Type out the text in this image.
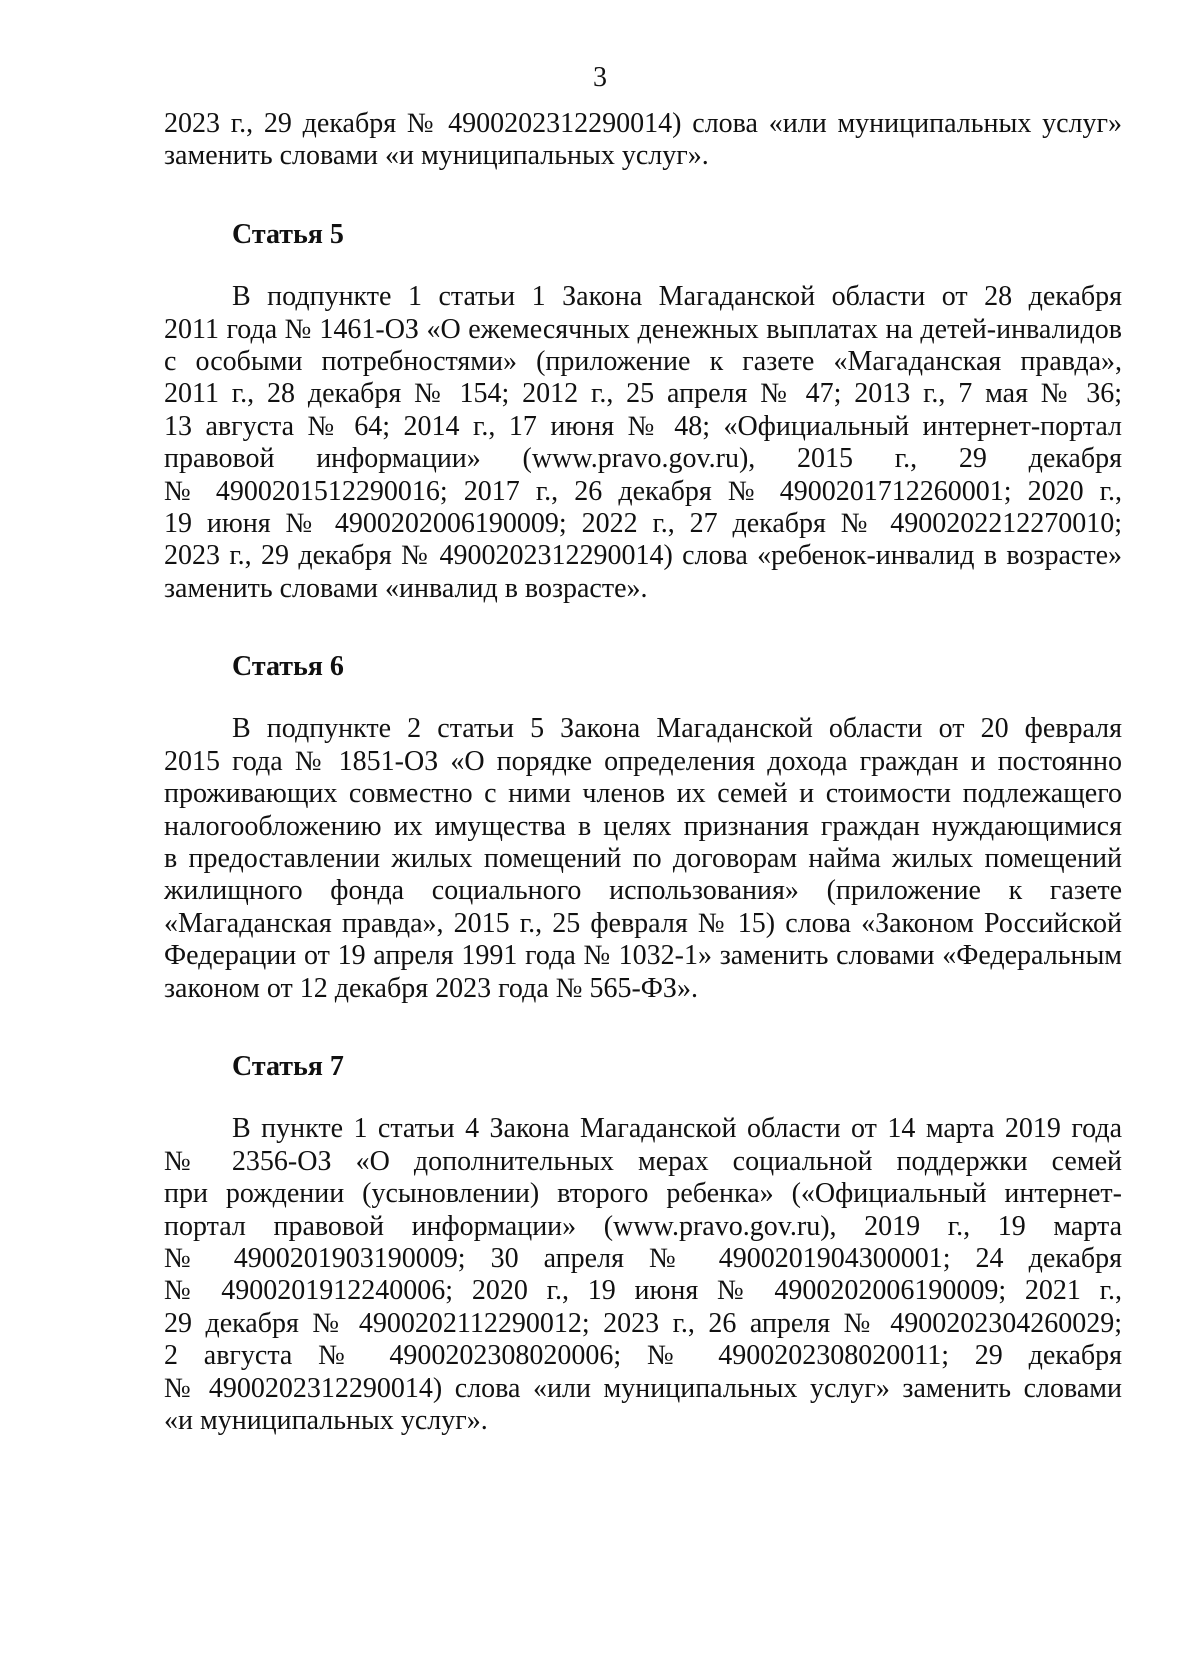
3
2023 г., 29 декабря № 4900202312290014) слова «или муниципальных услуг»
заменить словами «и муниципальных услуг».
Статья 5
В подпункте 1 статьи 1 Закона Магаданской области от 28 декабря
2011 года № 1461-ОЗ «О ежемесячных денежных выплатах на детей-инвалидов
с особыми потребностями» (приложение к газете «Магаданская правда»,
2011 г., 28 декабря № 154; 2012 г., 25 апреля № 47; 2013 г., 7 мая № 36;
13 августа № 64; 2014 г., 17 июня № 48; «Официальный интернет-портал
правовой информации» (www.pravo.gov.ru), 2015 г., 29 декабря
№ 4900201512290016; 2017 г., 26 декабря № 4900201712260001; 2020 г.,
19 июня № 4900202006190009; 2022 г., 27 декабря № 4900202212270010;
2023 г., 29 декабря № 4900202312290014) слова «ребенок-инвалид в возрасте»
заменить словами «инвалид в возрасте».
Статья 6
В подпункте 2 статьи 5 Закона Магаданской области от 20 февраля
2015 года № 1851-ОЗ «О порядке определения дохода граждан и постоянно
проживающих совместно с ними членов их семей и стоимости подлежащего
налогообложению их имущества в целях признания граждан нуждающимися
в предоставлении жилых помещений по договорам найма жилых помещений
жилищного фонда социального использования» (приложение к газете
«Магаданская правда», 2015 г., 25 февраля № 15) слова «Законом Российской
Федерации от 19 апреля 1991 года № 1032-1» заменить словами «Федеральным
законом от 12 декабря 2023 года № 565-ФЗ».
Статья 7
В пункте 1 статьи 4 Закона Магаданской области от 14 марта 2019 года
№ 2356-ОЗ «О дополнительных мерах социальной поддержки семей
при рождении (усыновлении) второго ребенка» («Официальный интернет-
портал правовой информации» (www.pravo.gov.ru), 2019 г., 19 марта
№ 4900201903190009; 30 апреля № 4900201904300001; 24 декабря
№ 4900201912240006; 2020 г., 19 июня № 4900202006190009; 2021 г.,
29 декабря № 4900202112290012; 2023 г., 26 апреля № 4900202304260029;
2 августа № 4900202308020006; № 4900202308020011; 29 декабря
№ 4900202312290014) слова «или муниципальных услуг» заменить словами
«и муниципальных услуг».
